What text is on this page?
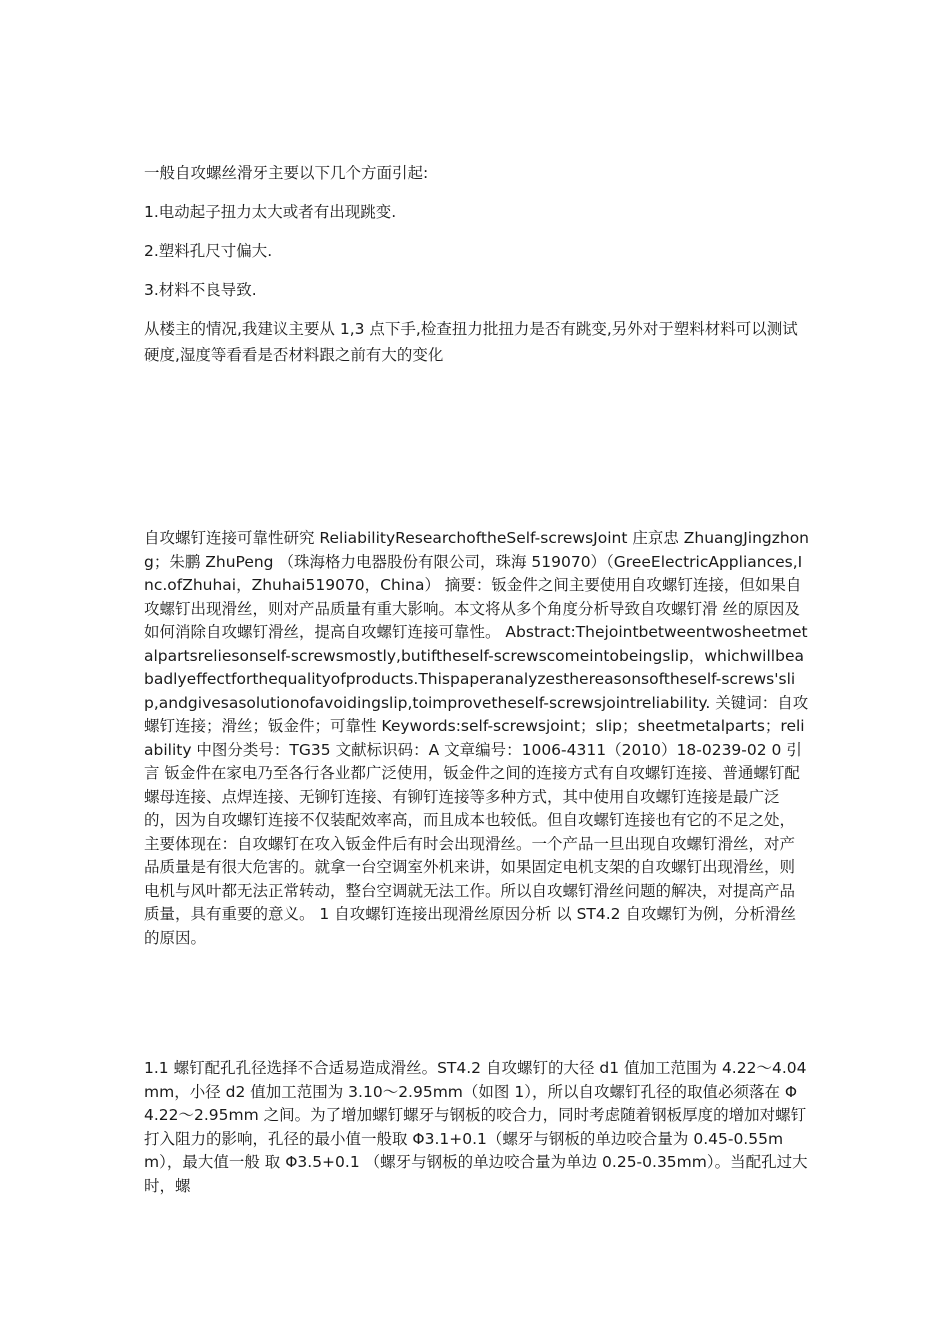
一般自攻螺丝滑牙主要以下几个方面引起:

1.电动起子扭力太大或者有出现跳变.

2.塑料孔尺寸偏大.

3.材料不良导致.

从楼主的情况,我建议主要从 1,3 点下手,检查扭力批扭力是否有跳变,另外对于塑料材料可以测试硬度,湿度等看看是否材料跟之前有大的变化

自攻螺钉连接可靠性研究 ReliabilityResearchoftheSelf-screwsJoint 庄京忠 ZhuangJingzhong；朱鹏 ZhuPeng （珠海格力电器股份有限公司，珠海 519070）（GreeElectricAppliances,Inc.ofZhuhai，Zhuhai519070，China） 摘要：钣金件之间主要使用自攻螺钉连接，但如果自攻螺钉出现滑丝，则对产品质量有重大影响。本文将从多个角度分析导致自攻螺钉滑 丝的原因及如何消除自攻螺钉滑丝，提高自攻螺钉连接可靠性。 Abstract:Thejointbetweentwosheetmetalpartsreliesonself-screwsmostly,butiftheself-screwscomeintobeingslip，whichwillbeabadlyeffectforthequalityofproducts.Thispaperanalyzesthereasonsoftheself-screws'slip,andgivesasolutionofavoidingslip,toimprovetheself-screwsjointreliability. 关键词：自攻螺钉连接；滑丝；钣金件；可靠性 Keywords:self-screwsjoint；slip；sheetmetalparts；reliability 中图分类号：TG35 文献标识码：A 文章编号：1006-4311（2010）18-0239-02 0 引言 钣金件在家电乃至各行各业都广泛使用，钣金件之间的连接方式有自攻螺钉连接、普通螺钉配螺母连接、点焊连接、无铆钉连接、有铆钉连接等多种方式，其中使用自攻螺钉连接是最广泛的，因为自攻螺钉连接不仅装配效率高，而且成本也较低。但自攻螺钉连接也有它的不足之处，主要体现在：自攻螺钉在攻入钣金件后有时会出现滑丝。一个产品一旦出现自攻螺钉滑丝，对产品质量是有很大危害的。就拿一台空调室外机来讲，如果固定电机支架的自攻螺钉出现滑丝，则电机与风叶都无法正常转动，整台空调就无法工作。所以自攻螺钉滑丝问题的解决，对提高产品质量，具有重要的意义。 1 自攻螺钉连接出现滑丝原因分析 以 ST4.2 自攻螺钉为例，分析滑丝的原因。

1.1 螺钉配孔孔径选择不合适易造成滑丝。ST4.2 自攻螺钉的大径 d1 值加工范围为 4.22～4.04mm，小径 d2 值加工范围为 3.10～2.95mm（如图 1），所以自攻螺钉孔径的取值必须落在 Φ4.22～2.95mm 之间。为了增加螺钉螺牙与钢板的咬合力，同时考虑随着钢板厚度的增加对螺钉打入阻力的影响，孔径的最小值一般取 Φ3.1+0.1（螺牙与钢板的单边咬合量为 0.45-0.55mm），最大值一般 取 Φ3.5+0.1 （螺牙与钢板的单边咬合量为单边 0.25-0.35mm）。当配孔过大时，螺
